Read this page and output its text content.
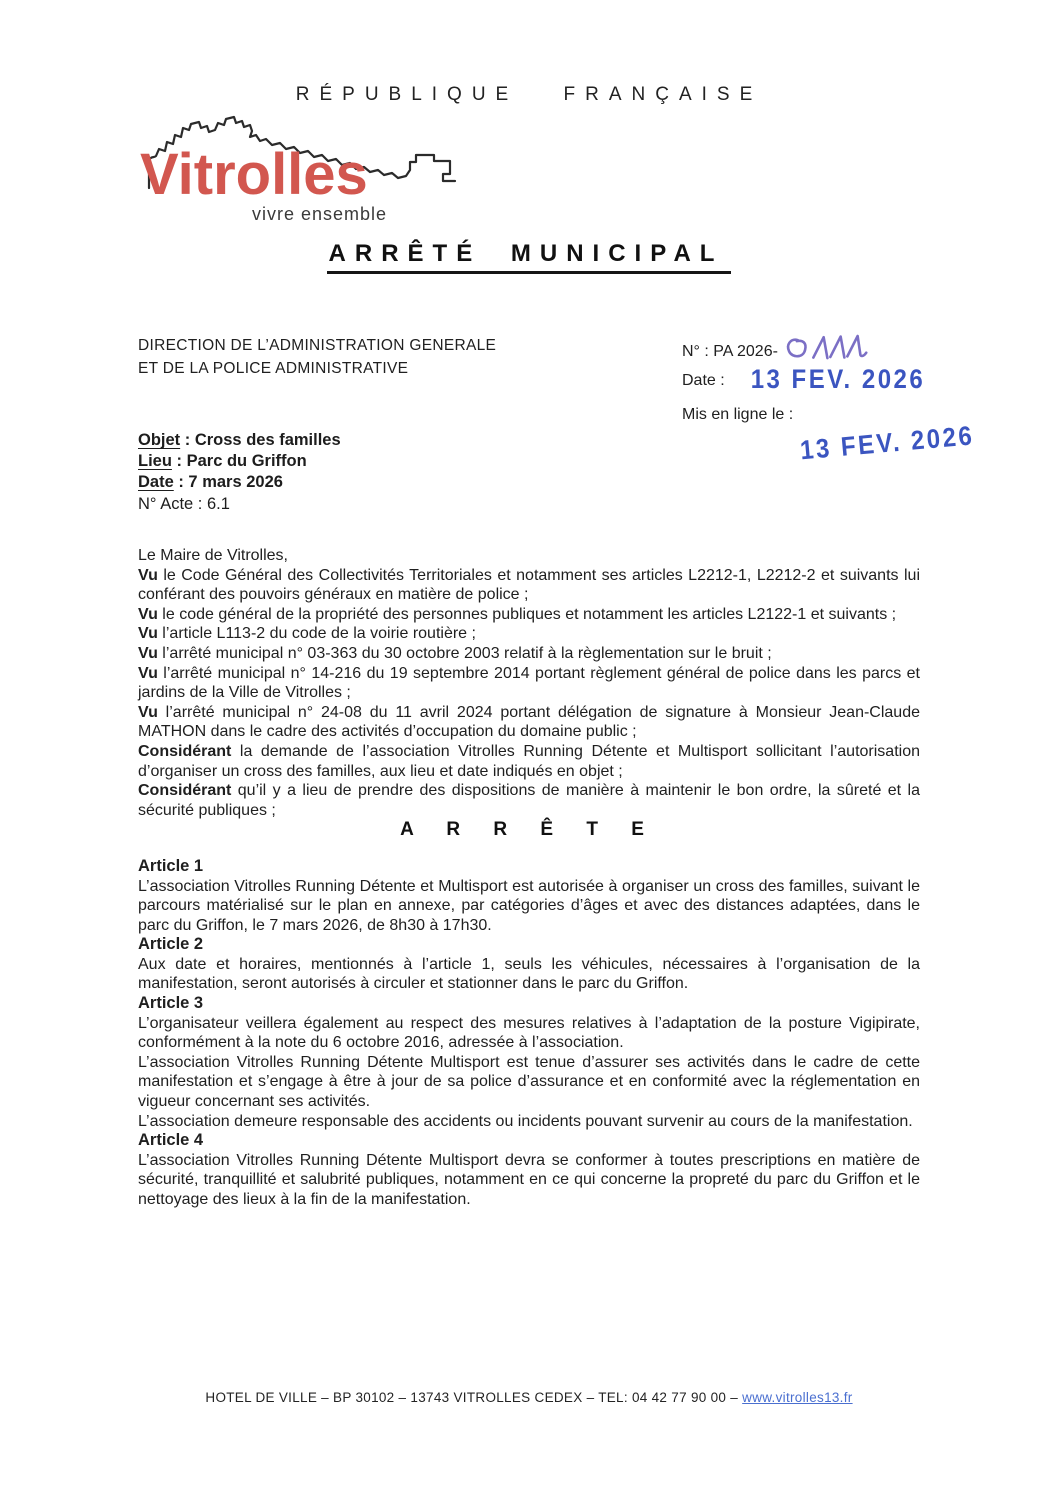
RÉPUBLIQUE FRANÇAISE
Vitrolles
vivre ensemble
ARRÊTÉ MUNICIPAL
DIRECTION DE L’ADMINISTRATION GENERALE
ET DE LA POLICE ADMINISTRATIVE
N° : PA 2026-
Date : 13 FEV. 2026
Mis en ligne le :
13 FEV. 2026
Objet : Cross des familles
Lieu : Parc du Griffon
Date : 7 mars 2026
N° Acte : 6.1

Le Maire de Vitrolles,

Vu le Code Général des Collectivités Territoriales et notamment ses articles L2212-1, L2212-2 et suivants lui conférant des pouvoirs généraux en matière de police ;

Vu le code général de la propriété des personnes publiques et notamment les articles L2122-1 et suivants ;

Vu l’article L113-2 du code de la voirie routière ;

Vu l’arrêté municipal n° 03-363 du 30 octobre 2003 relatif à la règlementation sur le bruit ;

Vu l’arrêté municipal n° 14-216 du 19 septembre 2014 portant règlement général de police dans les parcs et jardins de la Ville de Vitrolles ;

Vu l’arrêté municipal n° 24-08 du 11 avril 2024 portant délégation de signature à Monsieur Jean-Claude MATHON dans le cadre des activités d’occupation du domaine public ;

Considérant la demande de l’association Vitrolles Running Détente et Multisport sollicitant l’autorisation d’organiser un cross des familles, aux lieu et date indiqués en objet ;

Considérant qu’il y a lieu de prendre des dispositions de manière à maintenir le bon ordre, la sûreté et la sécurité publiques ;

A R R Ê T E

Article 1

L’association Vitrolles Running Détente et Multisport est autorisée à organiser un cross des familles, suivant le parcours matérialisé sur le plan en annexe, par catégories d’âges et avec des distances adaptées, dans le parc du Griffon, le 7 mars 2026, de 8h30 à 17h30.

Article 2

Aux date et horaires, mentionnés à l’article 1, seuls les véhicules, nécessaires à l’organisation de la manifestation, seront autorisés à circuler et stationner dans le parc du Griffon.

Article 3

L’organisateur veillera également au respect des mesures relatives à l’adaptation de la posture Vigipirate, conformément à la note du 6 octobre 2016, adressée à l’association.

L’association Vitrolles Running Détente Multisport est tenue d’assurer ses activités dans le cadre de cette manifestation et s’engage à être à jour de sa police d’assurance et en conformité avec la réglementation en vigueur concernant ses activités.

L’association demeure responsable des accidents ou incidents pouvant survenir au cours de la manifestation.

Article 4

L’association Vitrolles Running Détente Multisport devra se conformer à toutes prescriptions en matière de sécurité, tranquillité et salubrité publiques, notamment en ce qui concerne la propreté du parc du Griffon et le nettoyage des lieux à la fin de la manifestation.

HOTEL DE VILLE – BP 30102 – 13743 VITROLLES CEDEX – TEL: 04 42 77 90 00 – www.vitrolles13.fr
